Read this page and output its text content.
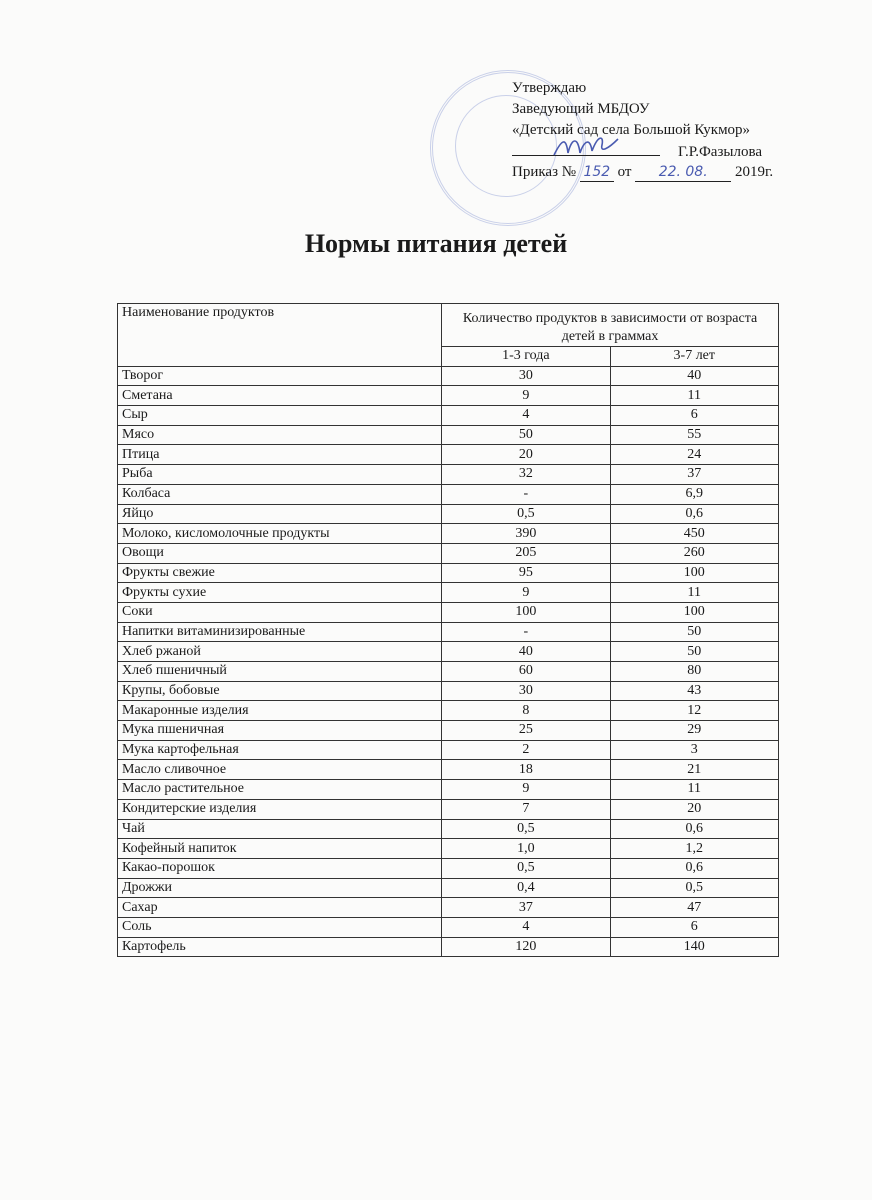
Утверждаю
Заведующий МБДОУ
«Детский сад села Большой Кукмор»
Г.Р.Фазылова
Приказ № 152 от 22. 08. 2019г.
Нормы питания детей
Наименование продуктов	Количество продуктов в зависимости от возраста детей в граммах	
	1-3 года	3-7 лет
Творог	30	40
Сметана	9	11
Сыр	4	6
Мясо	50	55
Птица	20	24
Рыба	32	37
Колбаса	-	6,9
Яйцо	0,5	0,6
Молоко, кисломолочные продукты	390	450
Овощи	205	260
Фрукты свежие	95	100
Фрукты сухие	9	11
Соки	100	100
Напитки витаминизированные	-	50
Хлеб ржаной	40	50
Хлеб пшеничный	60	80
Крупы, бобовые	30	43
Макаронные изделия	8	12
Мука пшеничная	25	29
Мука картофельная	2	3
Масло сливочное	18	21
Масло растительное	9	11
Кондитерские изделия	7	20
Чай	0,5	0,6
Кофейный напиток	1,0	1,2
Какао-порошок	0,5	0,6
Дрожжи	0,4	0,5
Сахар	37	47
Соль	4	6
Картофель	120	140
